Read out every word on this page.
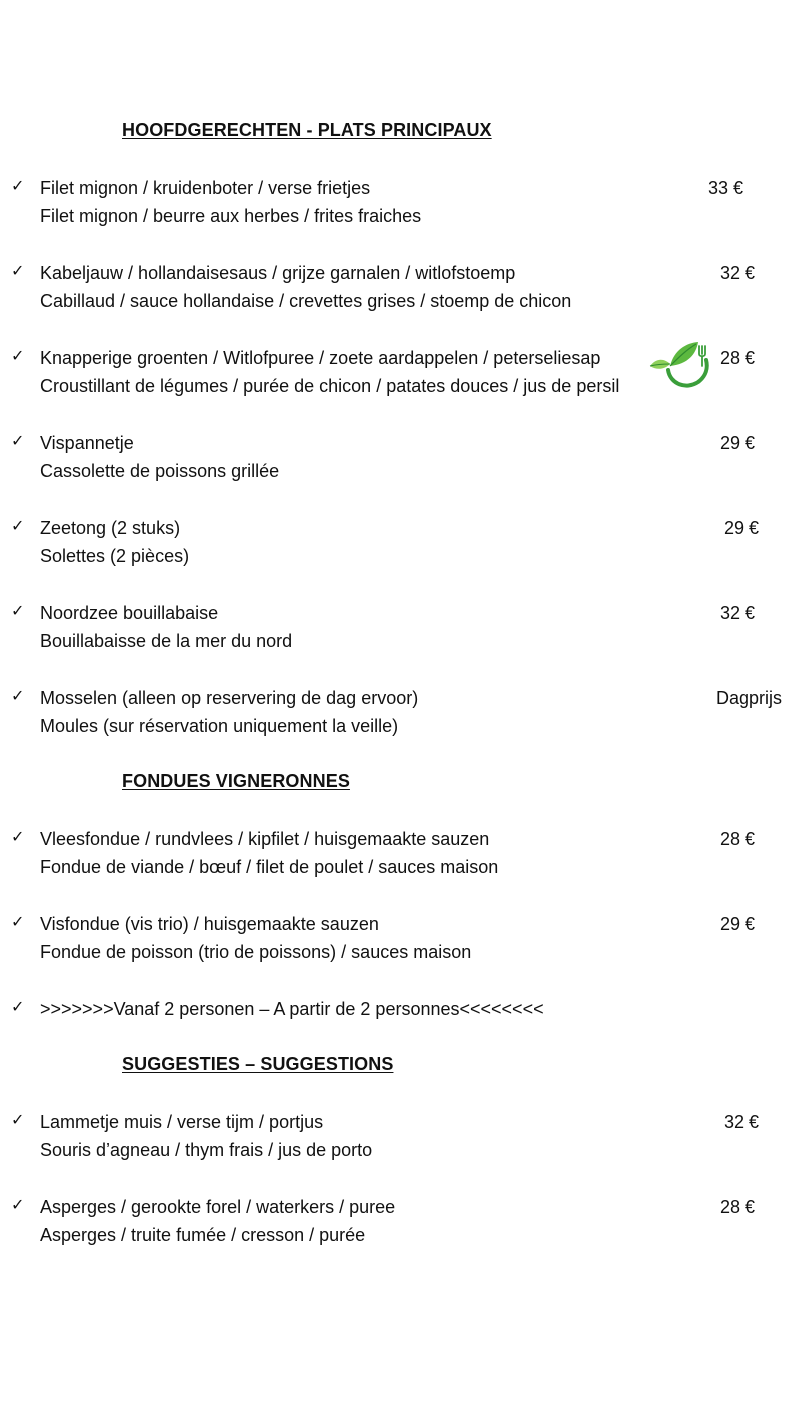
HOOFDGERECHTEN - PLATS PRINCIPAUX
✓ Filet mignon / kruidenboter / verse frietjes	33 €
Filet mignon / beurre aux herbes / frites fraiches
✓ Kabeljauw / hollandaisesaus / grijze garnalen / witlofstoemp	32 €
Cabillaud / sauce hollandaise / crevettes grises / stoemp de chicon
✓ Knapperige groenten / Witlofpuree / zoete aardappelen / peterseliesap	28 €
Croustillant de légumes / purée de chicon / patates douces / jus de persil
✓ Vispannetje	29 €
Cassolette de poissons grillée
✓ Zeetong (2 stuks)	29 €
Solettes (2 pièces)
✓ Noordzee bouillabaise	32 €
Bouillabaisse de la mer du nord
✓ Mosselen (alleen op reservering de dag ervoor)	Dagprijs
Moules (sur réservation uniquement la veille)
FONDUES VIGNERONNES
✓ Vleesfondue / rundvlees / kipfilet / huisgemaakte sauzen	28 €
Fondue de viande / bœuf / filet de poulet / sauces maison
✓ Visfondue (vis trio) / huisgemaakte sauzen	29 €
Fondue de poisson (trio de poissons) / sauces maison
✓ >>>>>>>Vanaf 2 personen – A partir de 2 personnes<<<<<<<<
SUGGESTIES – SUGGESTIONS
✓ Lammetje muis / verse tijm / portjus	32 €
Souris d’agneau / thym frais / jus de porto
✓ Asperges / gerookte forel / waterkers / puree	28 €
Asperges / truite fumée / cresson / purée
